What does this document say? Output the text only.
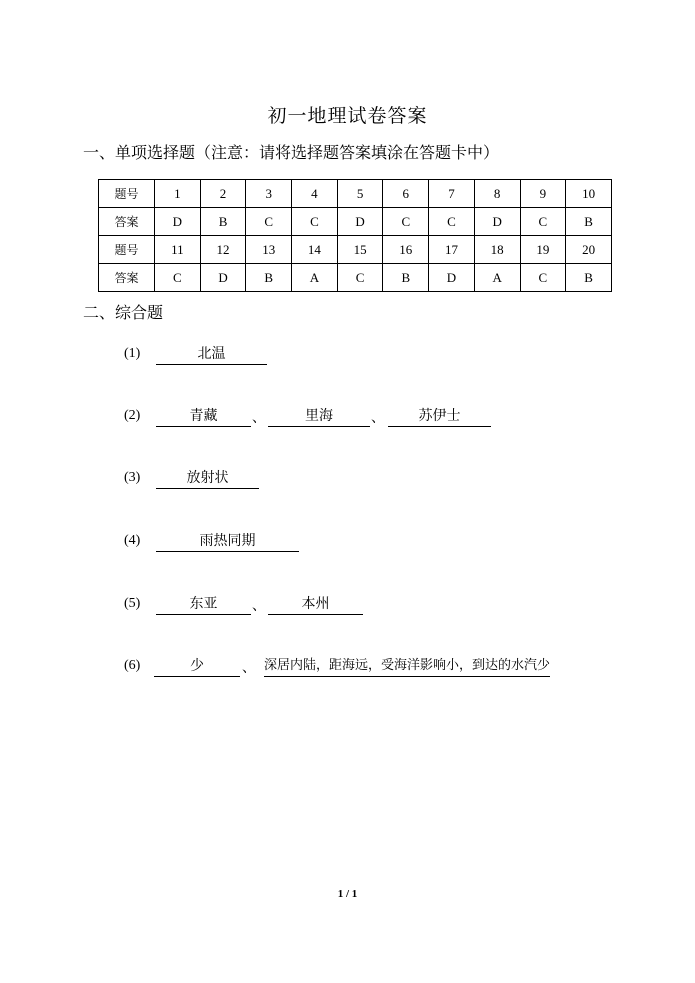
初一地理试卷答案
一、单项选择题（注意：请将选择题答案填涂在答题卡中）
题号	1	2	3	4	5	6	7	8	9	10
答案	D	B	C	C	D	C	C	D	C	B
题号	11	12	13	14	15	16	17	18	19	20
答案	C	D	B	A	C	B	D	A	C	B
二、综合题
(1)	北温
(2)	青藏	、	里海	、	苏伊士
(3)	放射状
(4)	雨热同期
(5)	东亚	、	本州
(6)	少	、 深居内陆，距海远，受海洋影响小，到达的水汽少
1 / 1
